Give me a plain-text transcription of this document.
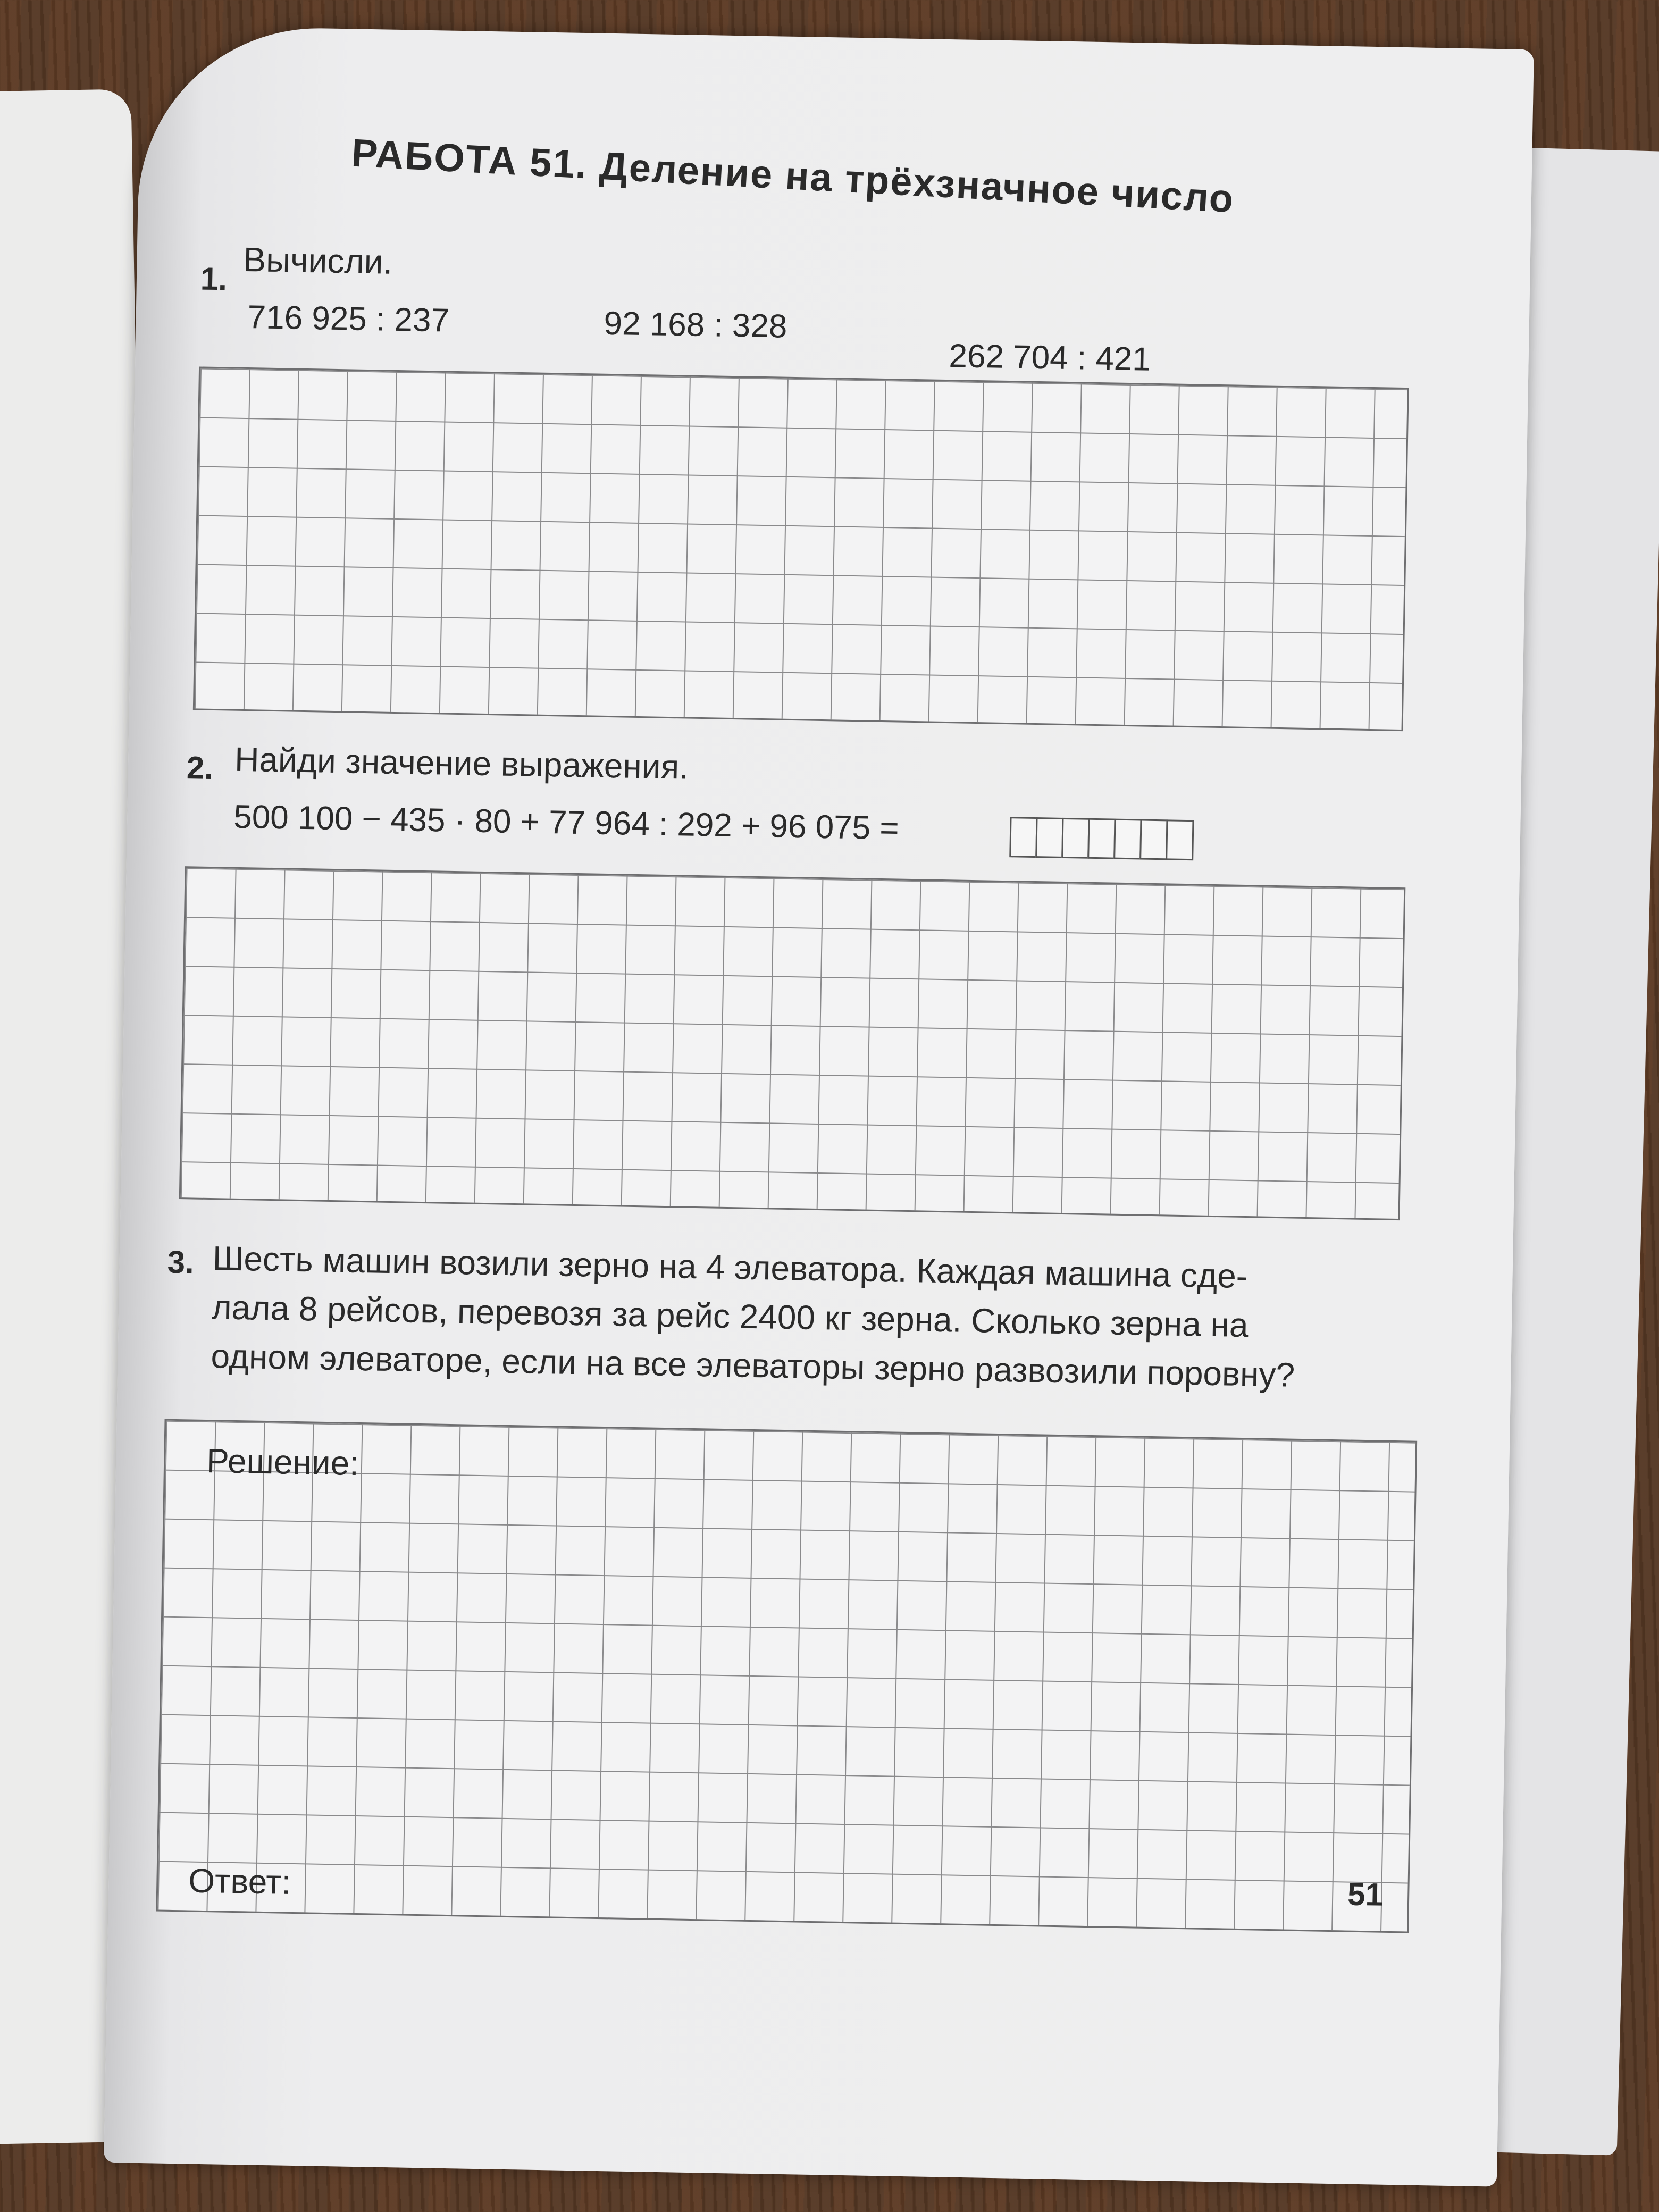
РАБОТА 51. Деление на трёхзначное число
1. Вычисли.
716 925 : 237	92 168 : 328
262 704 : 421
2. Найди значение выражения.
500 100 − 435 · 80 + 77 964 : 292 + 96 075 =
3. Шесть машин возили зерно на 4 элеватора. Каждая машина сде-
лала 8 рейсов, перевозя за рейс 2400 кг зерна. Сколько зерна на
одном элеваторе, если на все элеваторы зерно развозили поровну?
Решение:
Ответ:	51
